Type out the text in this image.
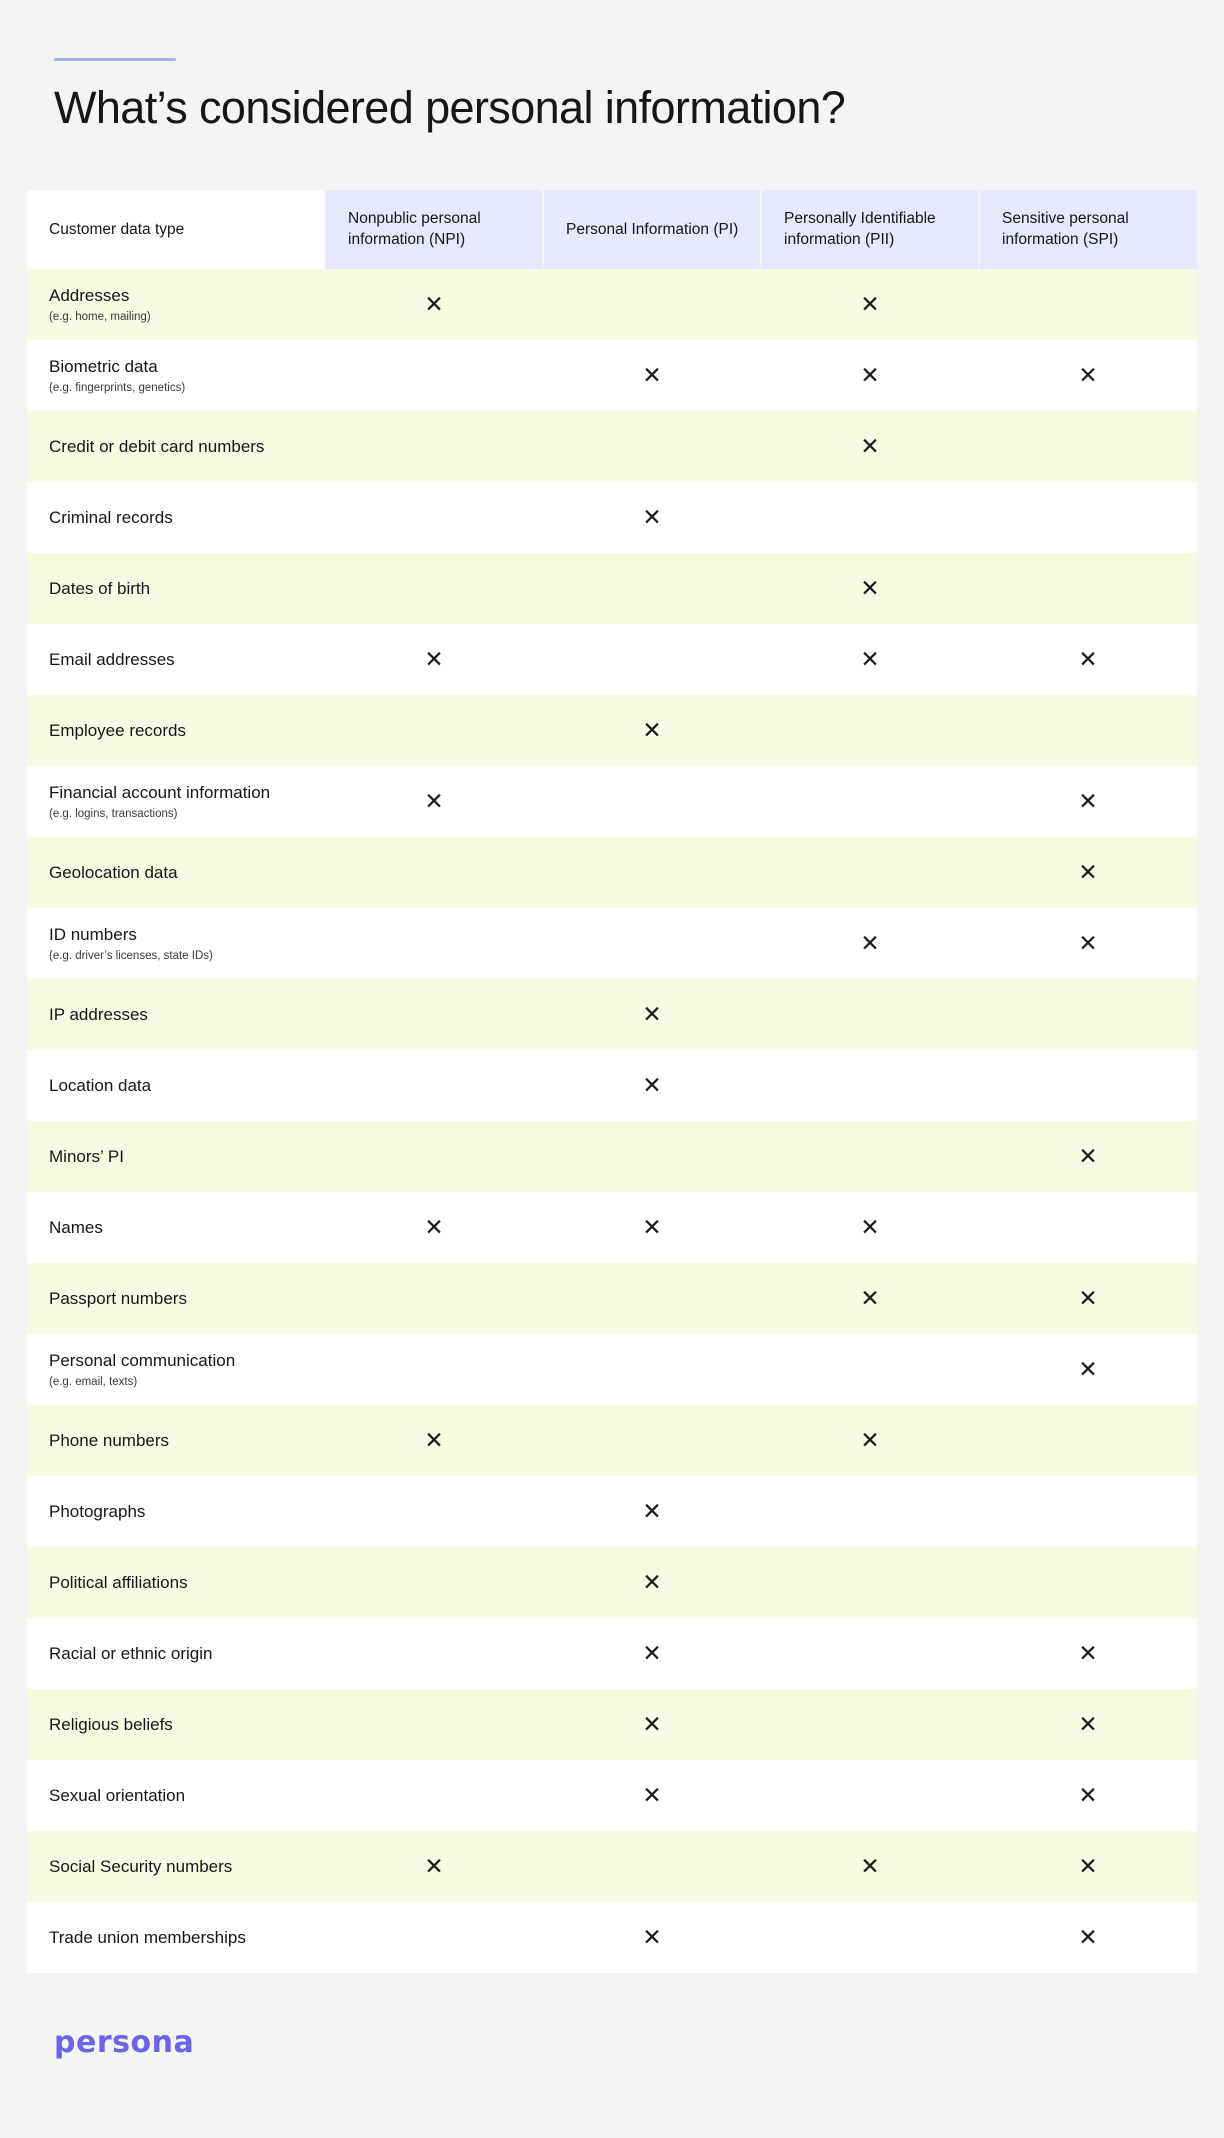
What’s considered personal information?
Customer data type	Nonpublic personal information (NPI)	Personal Information (PI)	Personally Identifiable information (PII)	Sensitive personal information (SPI)

Addresses
(e.g. home, mailing)	✕		✕	

Biometric data
(e.g. fingerprints, genetics)		✕	✕	✕

Credit or debit card numbers			✕	

Criminal records		✕		

Dates of birth			✕	

Email addresses	✕		✕	✕

Employee records		✕		

Financial account information
(e.g. logins, transactions)	✕			✕

Geolocation data				✕

ID numbers
(e.g. driver’s licenses, state IDs)			✕	✕

IP addresses		✕		

Location data		✕		

Minors’ PI				✕

Names	✕	✕	✕	

Passport numbers			✕	✕

Personal communication
(e.g. email, texts)				✕

Phone numbers	✕		✕	

Photographs		✕		

Political affiliations		✕		

Racial or ethnic origin		✕		✕

Religious beliefs		✕		✕

Sexual orientation		✕		✕

Social Security numbers	✕		✕	✕

Trade union memberships		✕		✕
persona
